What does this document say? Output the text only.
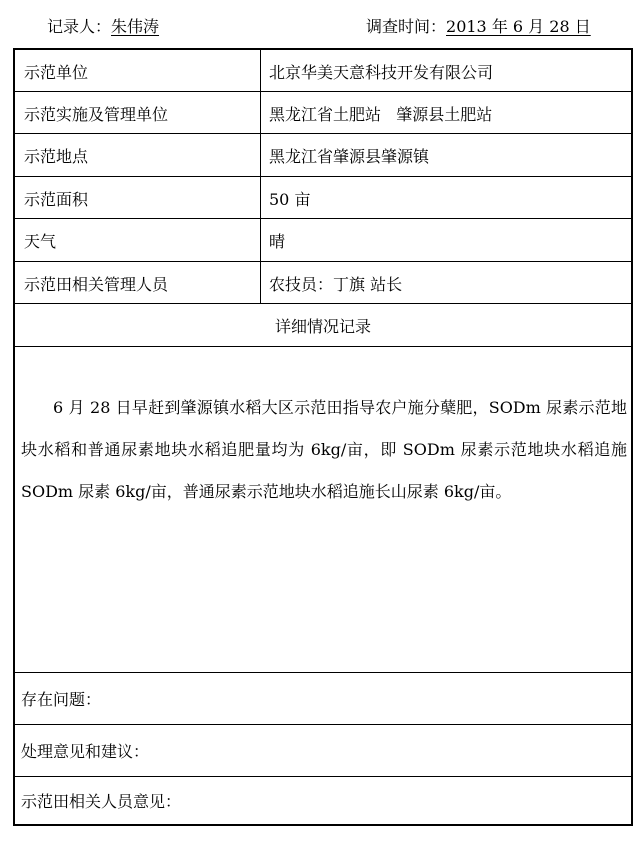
记录人：朱伟涛	调查时间：2013 年 6 月 28 日
示范单位	北京华美天意科技开发有限公司
示范实施及管理单位	黑龙江省土肥站   肇源县土肥站
示范地点	黑龙江省肇源县肇源镇
示范面积	50 亩
天气	晴
示范田相关管理人员	农技员：丁旗 站长
详细情况记录
6 月 28 日早赶到肇源镇水稻大区示范田指导农户施分蘖肥，SODm 尿素示范地块水稻和普通尿素地块水稻追肥量均为 6kg/亩，即 SODm 尿素示范地块水稻追施 SODm 尿素 6kg/亩，普通尿素示范地块水稻追施长山尿素 6kg/亩。
存在问题：
处理意见和建议：
示范田相关人员意见：
